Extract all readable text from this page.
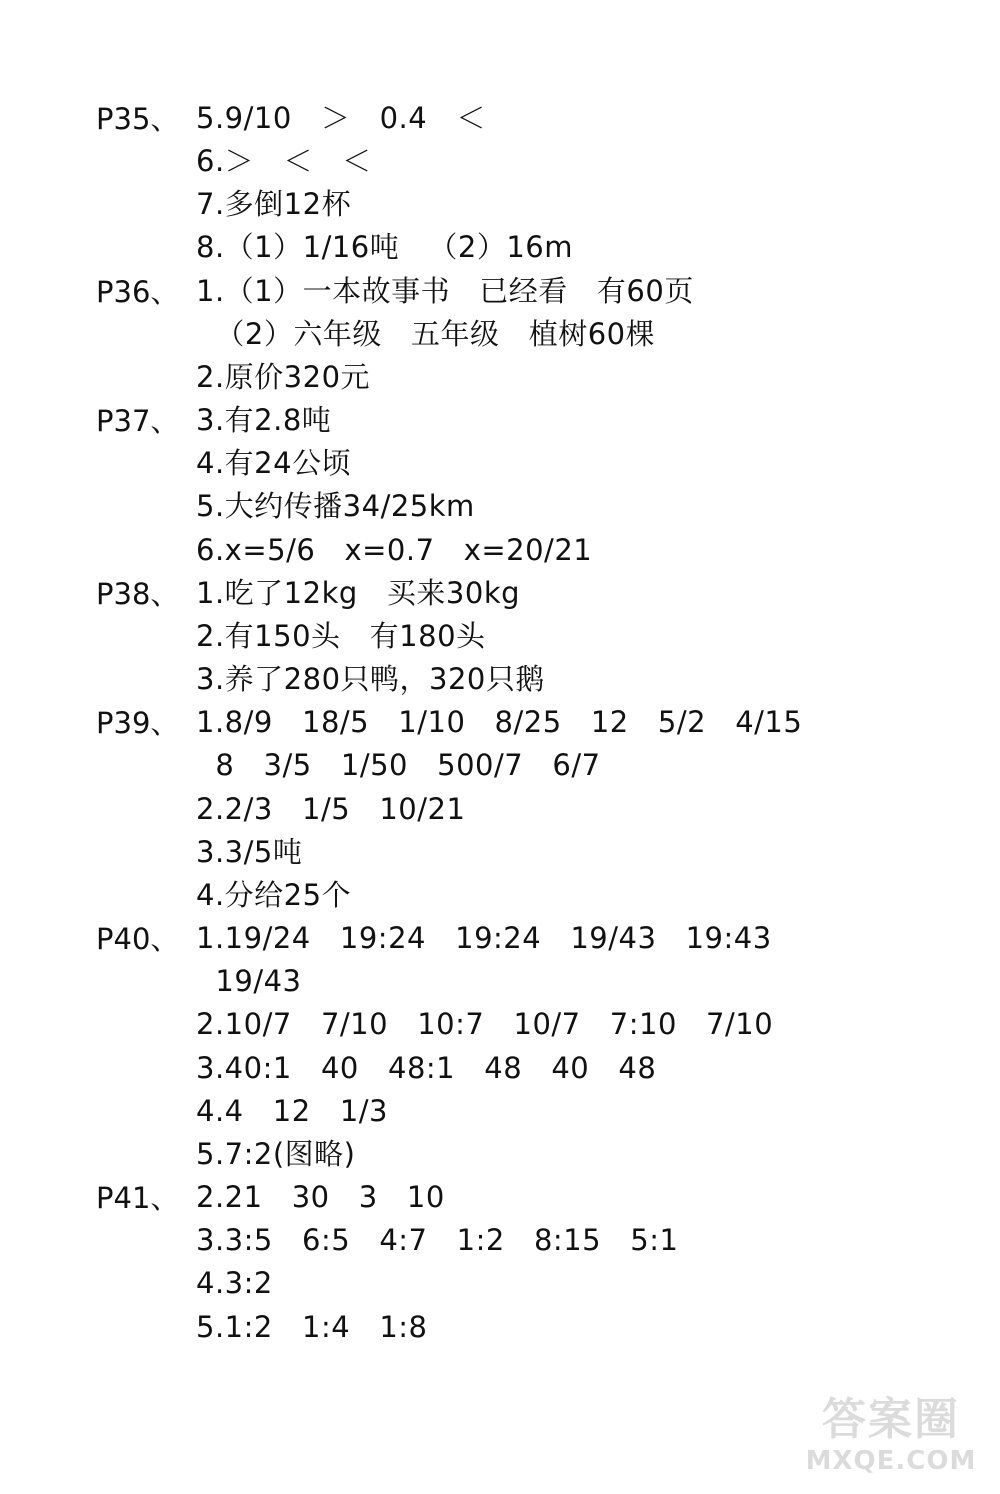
P35、 5.9/10   ＞   0.4   ＜
6.＞   ＜   ＜
7.多倒12杯
8.（1）1/16吨   （2）16m
P36、 1.（1）一本故事书   已经看   有60页
（2）六年级   五年级   植树60棵
2.原价320元
P37、 3.有2.8吨
4.有24公顷
5.大约传播34/25km
6.x=5/6   x=0.7   x=20/21
P38、 1.吃了12kg   买来30kg
2.有150头   有180头
3.养了280只鸭，320只鹅
P39、 1.8/9   18/5   1/10   8/25   12   5/2   4/15
8   3/5   1/50   500/7   6/7
2.2/3   1/5   10/21
3.3/5吨
4.分给25个
P40、 1.19/24   19:24   19:24   19/43   19:43
19/43
2.10/7   7/10   10:7   10/7   7:10   7/10
3.40:1   40   48:1   48   40   48
4.4   12   1/3
5.7:2(图略)
P41、 2.21   30   3   10
3.3:5   6:5   4:7   1:2   8:15   5:1
4.3:2
5.1:2   1:4   1:8
答案圈
MXQE.COM
